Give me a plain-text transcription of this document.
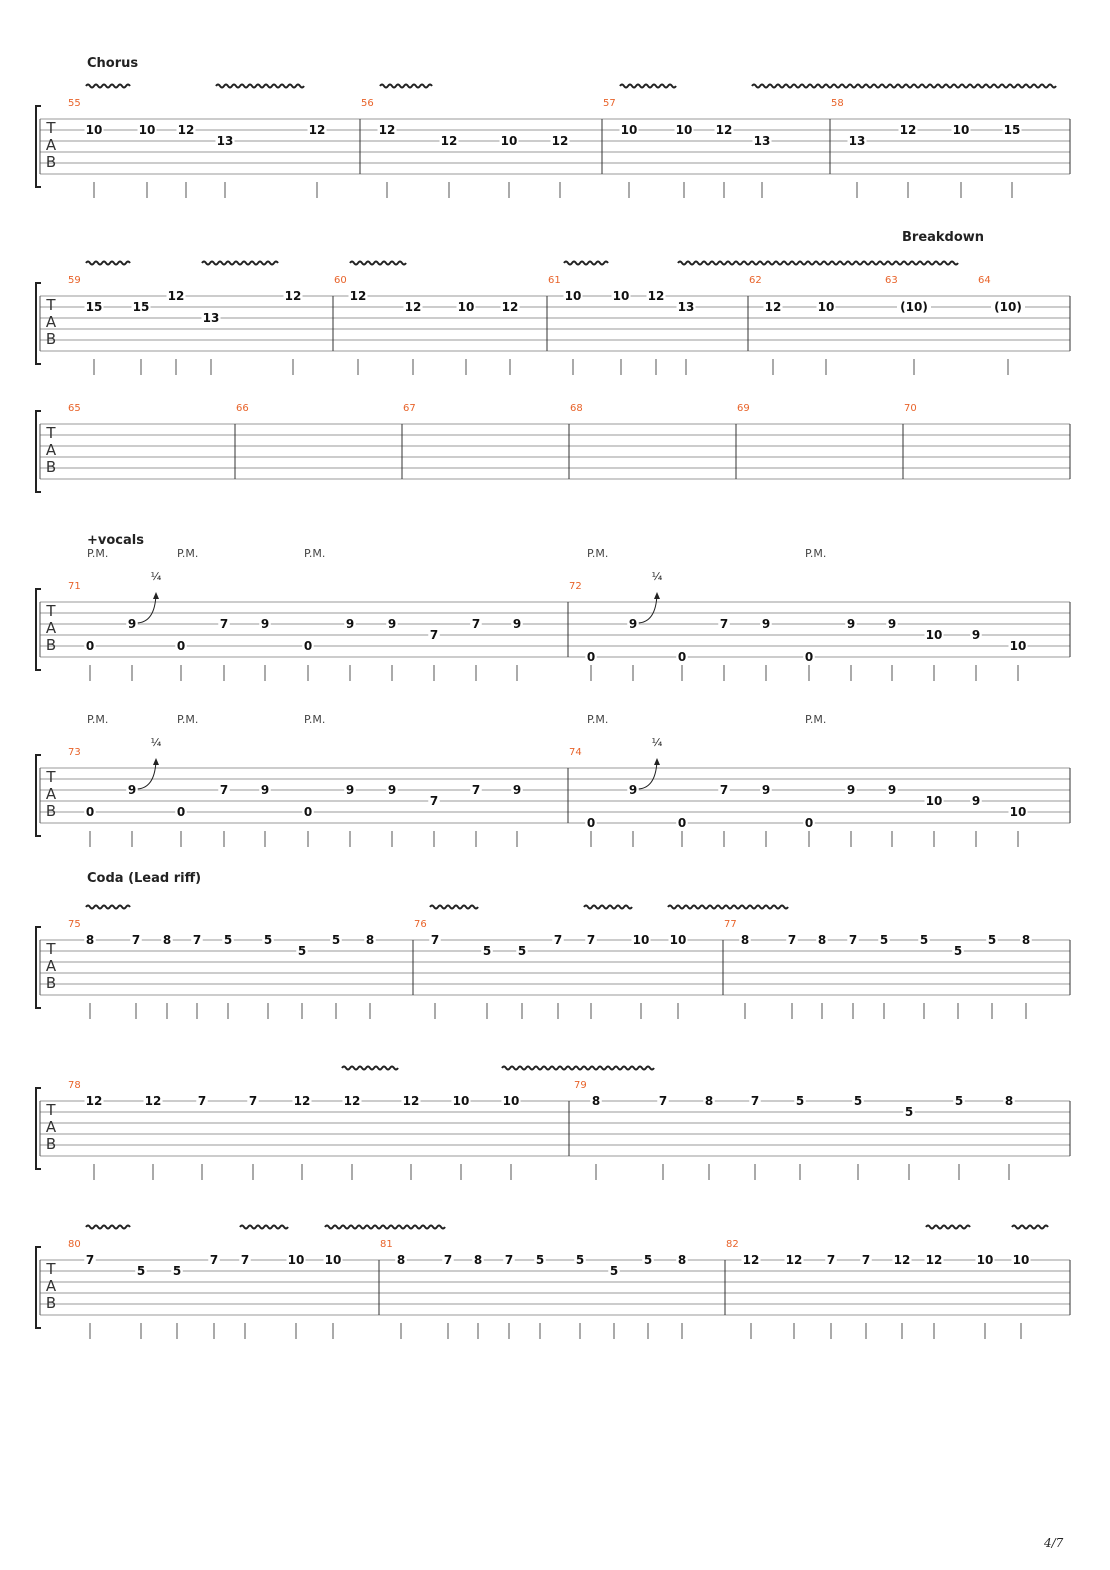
T
A
B
55	56	57	58
Chorus
10	10 12
13
12	12
12	10	12
10	10 12
13	13
12	10	15
T
A
B
59	60	61	62	63	64
Breakdown
15	15
12
13
12	12
12	10 12
10	10 12
13	12	10	(10)	(10)
T
A
B
65	66	67	68	69	70
T
A
B
71	72
+vocals
P.M.	P.M.	P.M.	P.M.	P.M.
¼	¼
0
9
0
7	9
0
9	9
7
7	9
0
9
0
7	9
0
9	9
10 9
10
T
A
B
73	74
P.M.	P.M.	P.M.	P.M.	P.M.
¼	¼
0
9
0
7	9
0
9	9
7
7	9
0
9
0
7	9
0
9	9
10 9
10
T
A
B
75	76	77
Coda (Lead riff)
8	7 8 7 5	5
5
5 8	7
5 5
7 7	10 10	8	7 8 7 5	5
5
5 8
T
A
B
78	79
12	12	7	7	12	12	12	10	10	8	7	8	7	5	5
5
5	8
T
A
B
80	81	82
7
5 5
7 7	10 10	8	7 8 7 5	5
5
5 8	12 12 7 7 12 12	10 10
4/7
